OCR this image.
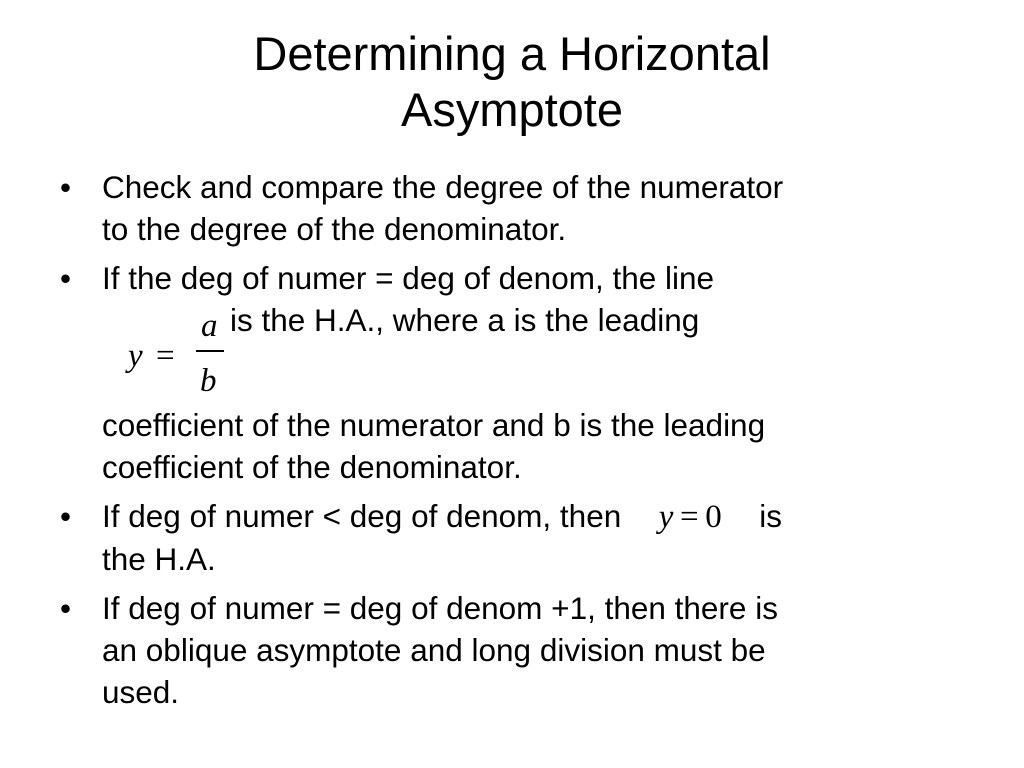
Determining a Horizontal
Asymptote
• Check and compare the degree of the numerator
to the degree of the denominator.
• If the deg of numer = deg of denom, the line
y =
a
b
is the H.A., where a is the leading
coefficient of the numerator and b is the leading
coefficient of the denominator.
• If deg of numer < deg of denom, then y  =  0 is
the H.A.
• If deg of numer = deg of denom +1, then there is
an oblique asymptote and long division must be
used.
